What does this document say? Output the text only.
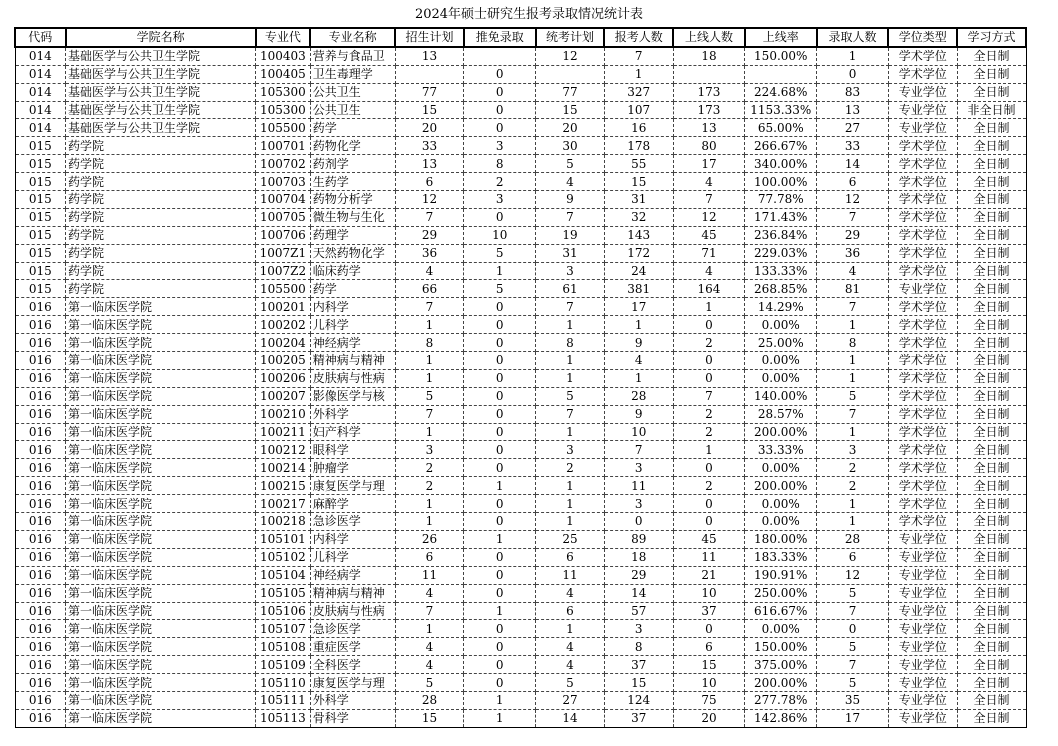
2024年硕士研究生报考录取情况统计表
代码	学院名称	专业代	专业名称	招生计划	推免录取	统考计划	报考人数	上线人数	上线率	录取人数	学位类型	学习方式
014	基础医学与公共卫生学院	100403	营养与食品卫	13		12	7	18	150.00%	1	学术学位	全日制
014	基础医学与公共卫生学院	100405	卫生毒理学		0		1			0	学术学位	全日制
014	基础医学与公共卫生学院	105300	公共卫生	77	0	77	327	173	224.68%	83	专业学位	全日制
014	基础医学与公共卫生学院	105300	公共卫生	15	0	15	107	173	1153.33%	13	专业学位	非全日制
014	基础医学与公共卫生学院	105500	药学	20	0	20	16	13	65.00%	27	专业学位	全日制
015	药学院	100701	药物化学	33	3	30	178	80	266.67%	33	学术学位	全日制
015	药学院	100702	药剂学	13	8	5	55	17	340.00%	14	学术学位	全日制
015	药学院	100703	生药学	6	2	4	15	4	100.00%	6	学术学位	全日制
015	药学院	100704	药物分析学	12	3	9	31	7	77.78%	12	学术学位	全日制
015	药学院	100705	微生物与生化	7	0	7	32	12	171.43%	7	学术学位	全日制
015	药学院	100706	药理学	29	10	19	143	45	236.84%	29	学术学位	全日制
015	药学院	1007Z1	天然药物化学	36	5	31	172	71	229.03%	36	学术学位	全日制
015	药学院	1007Z2	临床药学	4	1	3	24	4	133.33%	4	学术学位	全日制
015	药学院	105500	药学	66	5	61	381	164	268.85%	81	专业学位	全日制
016	第一临床医学院	100201	内科学	7	0	7	17	1	14.29%	7	学术学位	全日制
016	第一临床医学院	100202	儿科学	1	0	1	1	0	0.00%	1	学术学位	全日制
016	第一临床医学院	100204	神经病学	8	0	8	9	2	25.00%	8	学术学位	全日制
016	第一临床医学院	100205	精神病与精神	1	0	1	4	0	0.00%	1	学术学位	全日制
016	第一临床医学院	100206	皮肤病与性病	1	0	1	1	0	0.00%	1	学术学位	全日制
016	第一临床医学院	100207	影像医学与核	5	0	5	28	7	140.00%	5	学术学位	全日制
016	第一临床医学院	100210	外科学	7	0	7	9	2	28.57%	7	学术学位	全日制
016	第一临床医学院	100211	妇产科学	1	0	1	10	2	200.00%	1	学术学位	全日制
016	第一临床医学院	100212	眼科学	3	0	3	7	1	33.33%	3	学术学位	全日制
016	第一临床医学院	100214	肿瘤学	2	0	2	3	0	0.00%	2	学术学位	全日制
016	第一临床医学院	100215	康复医学与理	2	1	1	11	2	200.00%	2	学术学位	全日制
016	第一临床医学院	100217	麻醉学	1	0	1	3	0	0.00%	1	学术学位	全日制
016	第一临床医学院	100218	急诊医学	1	0	1	0	0	0.00%	1	学术学位	全日制
016	第一临床医学院	105101	内科学	26	1	25	89	45	180.00%	28	专业学位	全日制
016	第一临床医学院	105102	儿科学	6	0	6	18	11	183.33%	6	专业学位	全日制
016	第一临床医学院	105104	神经病学	11	0	11	29	21	190.91%	12	专业学位	全日制
016	第一临床医学院	105105	精神病与精神	4	0	4	14	10	250.00%	5	专业学位	全日制
016	第一临床医学院	105106	皮肤病与性病	7	1	6	57	37	616.67%	7	专业学位	全日制
016	第一临床医学院	105107	急诊医学	1	0	1	3	0	0.00%	0	专业学位	全日制
016	第一临床医学院	105108	重症医学	4	0	4	8	6	150.00%	5	专业学位	全日制
016	第一临床医学院	105109	全科医学	4	0	4	37	15	375.00%	7	专业学位	全日制
016	第一临床医学院	105110	康复医学与理	5	0	5	15	10	200.00%	5	专业学位	全日制
016	第一临床医学院	105111	外科学	28	1	27	124	75	277.78%	35	专业学位	全日制
016	第一临床医学院	105113	骨科学	15	1	14	37	20	142.86%	17	专业学位	全日制
